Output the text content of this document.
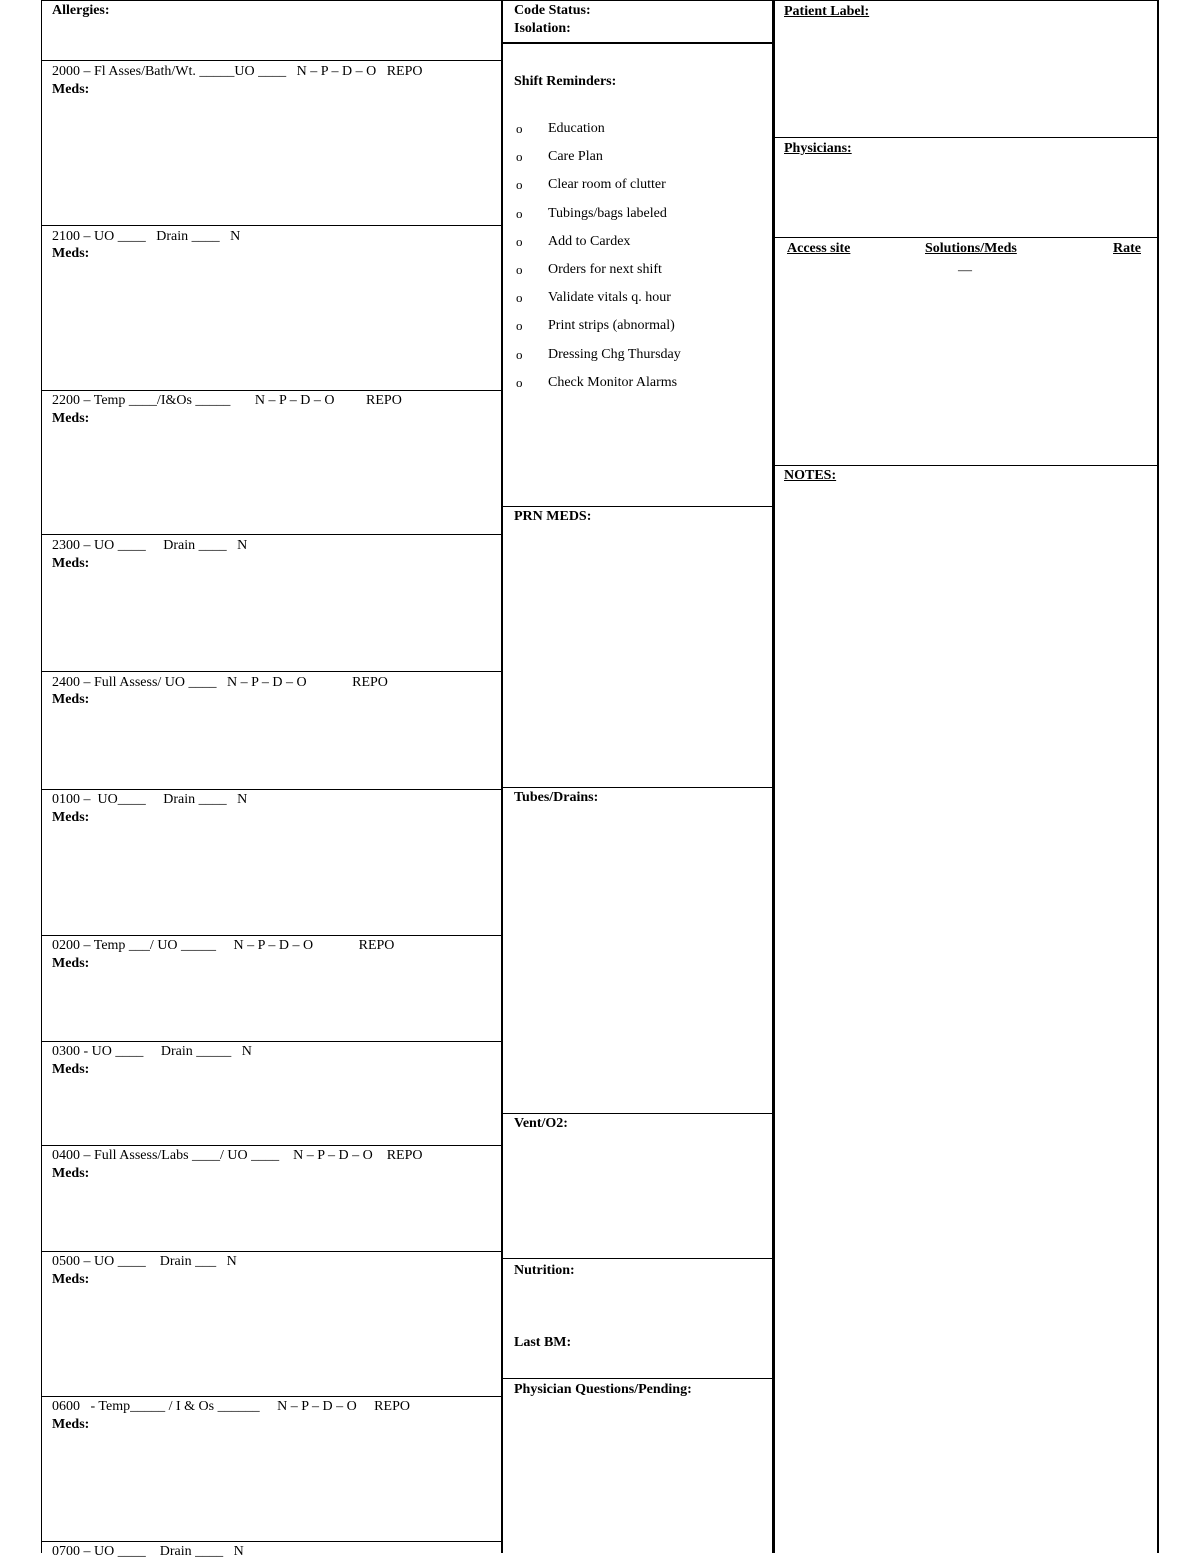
Allergies:
2000 – Fl Asses/Bath/Wt. _____UO ____   N – P – D – O   REPO
Meds:
2100 – UO ____   Drain ____   N
Meds:
2200 – Temp ____/I&Os _____       N – P – D – O         REPO
Meds:
2300 – UO ____     Drain ____   N
Meds:
2400 – Full Assess/ UO ____   N – P – D – O             REPO
Meds:
0100 –  UO____     Drain ____   N
Meds:
0200 – Temp ___/ UO _____     N – P – D – O             REPO
Meds:
0300 - UO ____     Drain _____   N
Meds:
0400 – Full Assess/Labs ____/ UO ____    N – P – D – O    REPO
Meds:
0500 – UO ____    Drain ___   N
Meds:
0600   - Temp_____ / I & Os ______     N – P – D – O     REPO
Meds:
0700 – UO ____    Drain ____   N
Code Status:
Isolation:
Shift Reminders:
o Education
o Care Plan
o Clear room of clutter
o Tubings/bags labeled
o Add to Cardex
o Orders for next shift
o Validate vitals q. hour
o Print strips (abnormal)
o Dressing Chg Thursday
o Check Monitor Alarms
PRN MEDS:
Tubes/Drains:
Vent/O2:
Nutrition:
Last BM:
Physician Questions/Pending:
Patient Label:
Physicians:
Access site	Solutions/Meds	Rate
—
NOTES:
